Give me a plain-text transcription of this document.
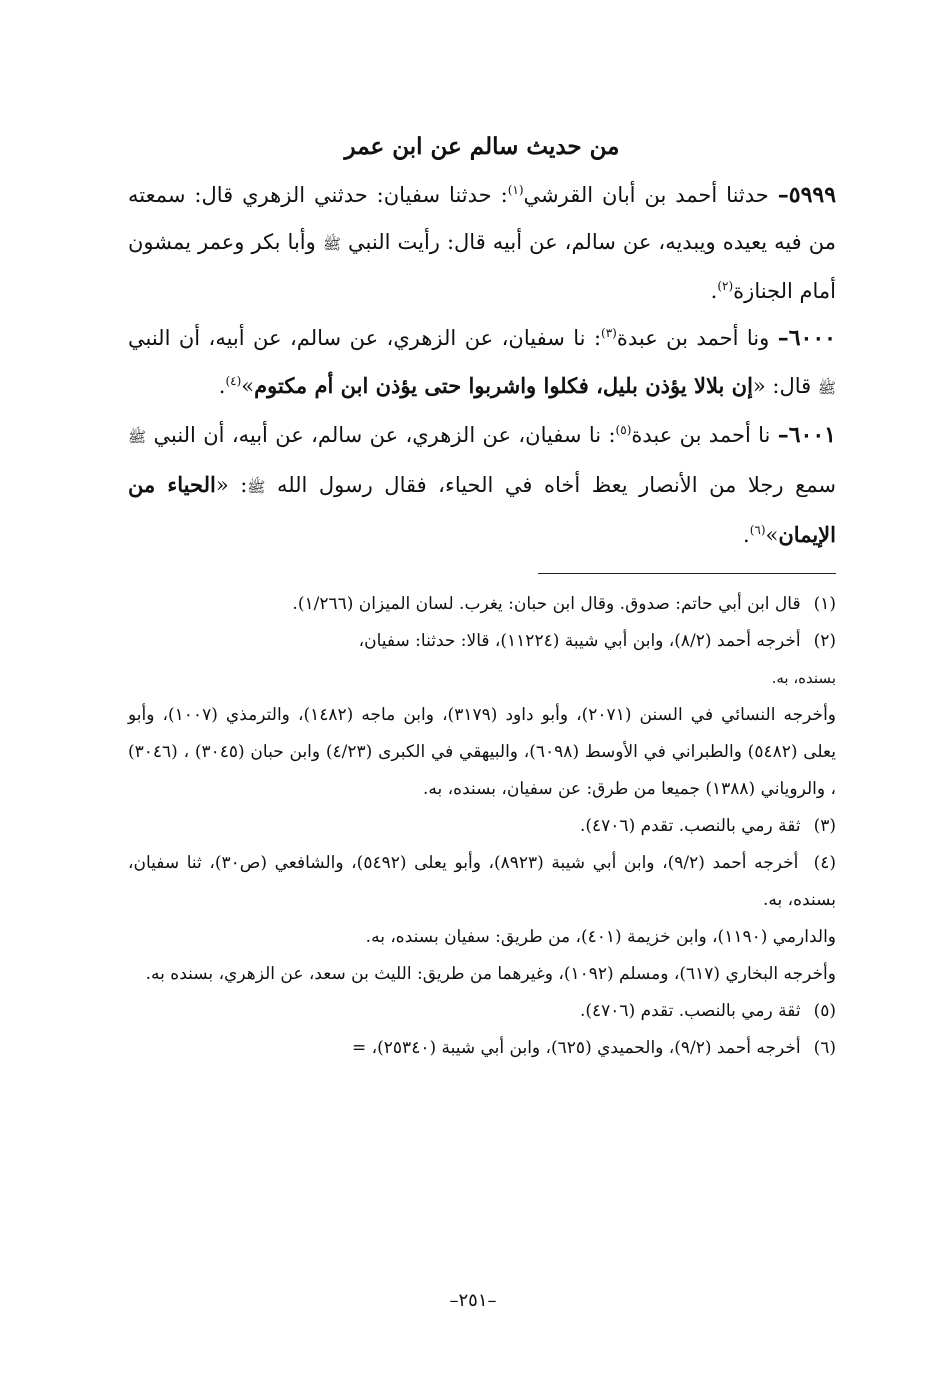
من حديث سالم عن ابن عمر

٥٩٩٩– حدثنا أحمد بن أبان القرشي$^{(١)}$: حدثنا سفيان: حدثني الزهري قال: سمعته من فيه يعيده ويبديه، عن سالم، عن أبيه قال: رأيت النبي ﷺ وأبا بكر وعمر يمشون أمام الجنازة$^{(٢)}$.

٦٠٠٠– ونا أحمد بن عبدة$^{(٣)}$: نا سفيان، عن الزهري، عن سالم، عن أبيه، أن النبي ﷺ قال: «إن بلالا يؤذن بليل، فكلوا واشربوا حتى يؤذن ابن أم مكتوم»$^{(٤)}$.

٦٠٠١– نا أحمد بن عبدة$^{(٥)}$: نا سفيان، عن الزهري، عن سالم، عن أبيه، أن النبي ﷺ سمع رجلا من الأنصار يعظ أخاه في الحياء، فقال رسول الله ﷺ: «الحياء من الإيمان»$^{(٦)}$.

(١) قال ابن أبي حاتم: صدوق. وقال ابن حبان: يغرب. لسان الميزان (١/٢٦٦).

(٢) أخرجه أحمد (٨/٢)، وابن أبي شيبة (١١٢٢٤)، قالا: حدثنا: سفيان،

بسنده، به.

وأخرجه النسائي في السنن (٢٠٧١)، وأبو داود (٣١٧٩)، وابن ماجه (١٤٨٢)، والترمذي (١٠٠٧)، وأبو يعلى (٥٤٨٢) والطبراني في الأوسط (٦٠٩٨)، والبيهقي في الكبرى (٤/٢٣) وابن حبان (٣٠٤٥) ، (٣٠٤٦) ، والروياني (١٣٨٨) جميعا من طرق: عن سفيان، بسنده، به.

(٣) ثقة رمي بالنصب. تقدم (٤٧٠٦).

(٤) أخرجه أحمد (٩/٢)، وابن أبي شيبة (٨٩٢٣)، وأبو يعلى (٥٤٩٢)، والشافعي (ص٣٠)، ثنا سفيان، بسنده، به.

والدارمي (١١٩٠)، وابن خزيمة (٤٠١)، من طريق: سفيان بسنده، به.

وأخرجه البخاري (٦١٧)، ومسلم (١٠٩٢)، وغيرهما من طريق: الليث بن سعد، عن الزهري، بسنده به.

(٥) ثقة رمي بالنصب. تقدم (٤٧٠٦).

(٦) أخرجه أحمد (٩/٢)، والحميدي (٦٢٥)، وابن أبي شيبة (٢٥٣٤٠)، =

–٢٥١–
